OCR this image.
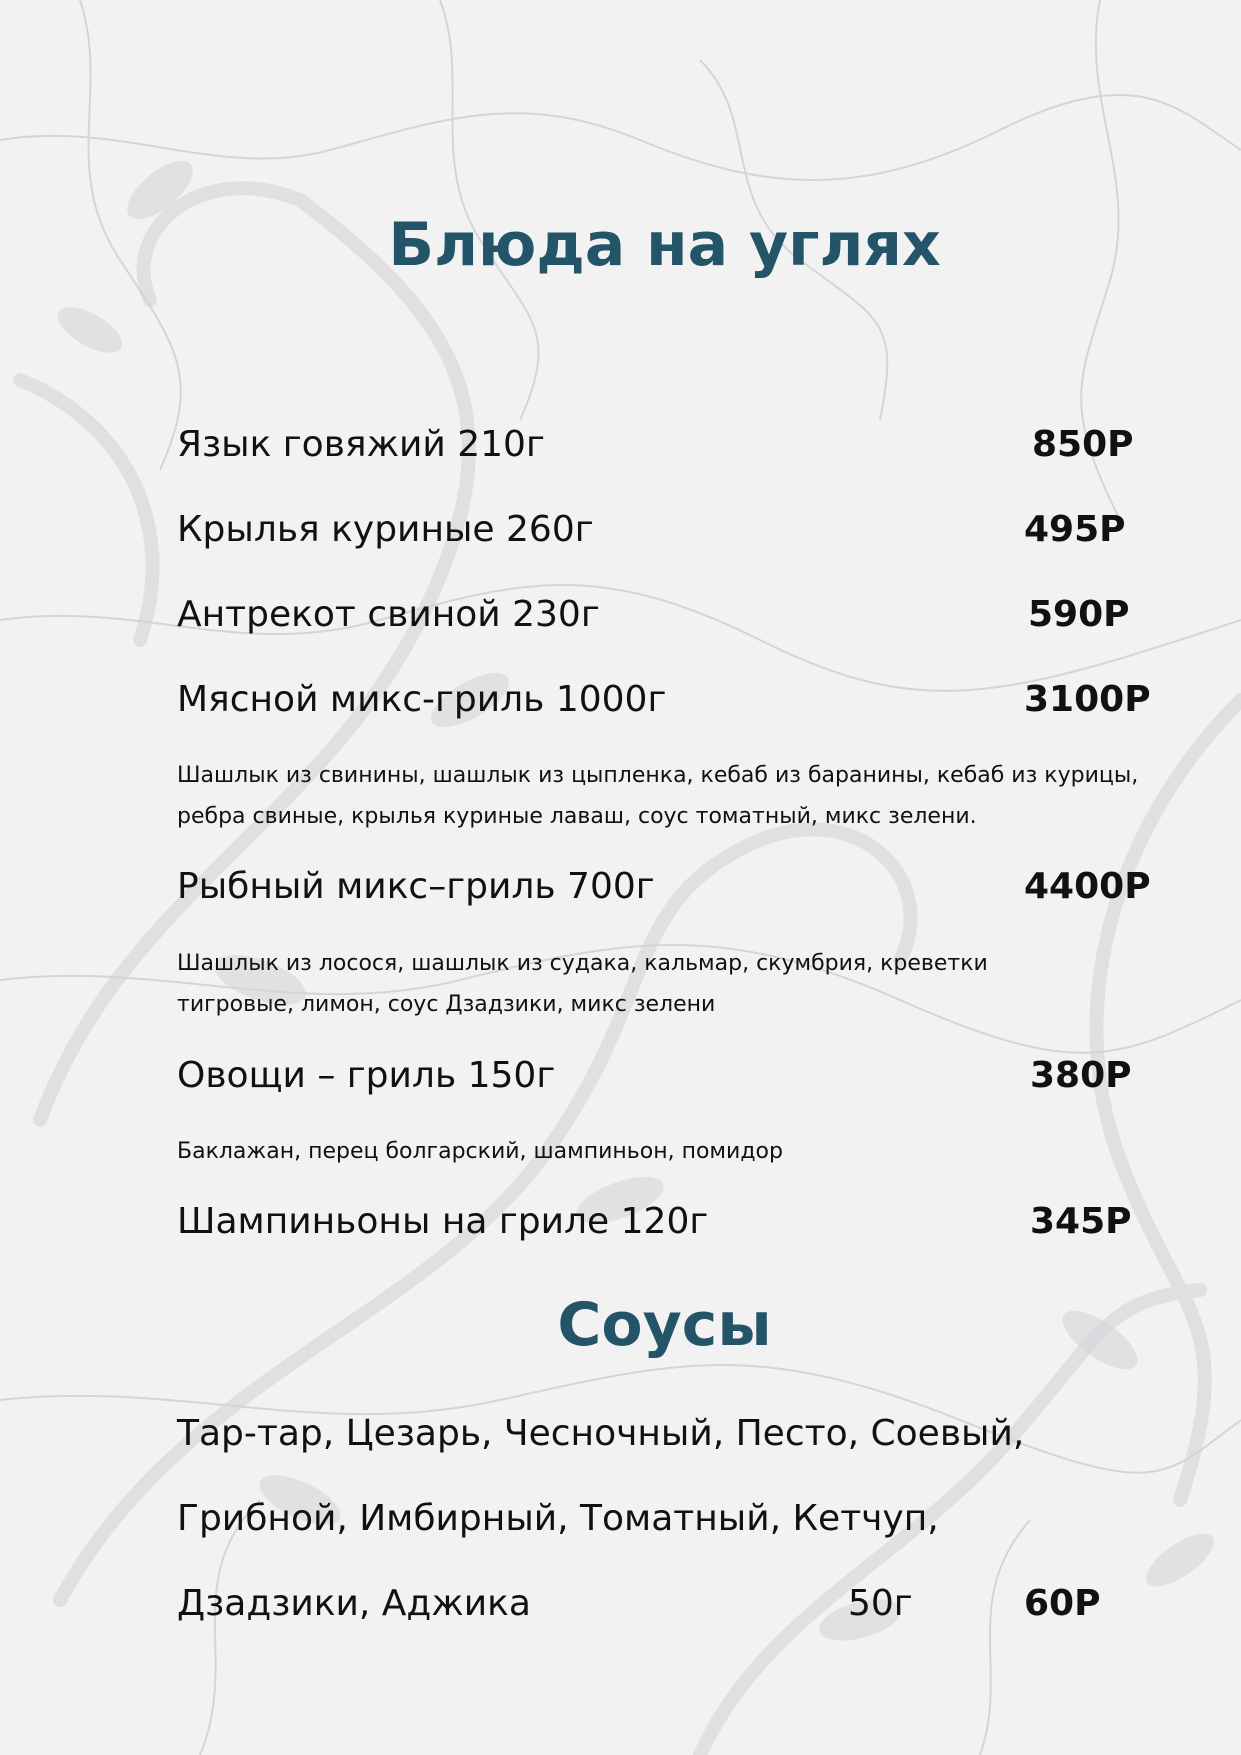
Блюда на углях
Язык говяжий 210г	850Р
Крылья куриные 260г	495Р
Антрекот свиной 230г	590Р
Мясной микс-гриль 1000г	3100Р
Шашлык из свинины, шашлык из цыпленка, кебаб из баранины, кебаб из курицы, ребра свиные, крылья куриные лаваш, соус томатный, микс зелени.
Рыбный микс–гриль 700г	4400Р
Шашлык из лосося, шашлык из судака, кальмар, скумбрия, креветки тигровые, лимон, соус Дзадзики, микс зелени
Овощи – гриль 150г	380Р
Баклажан, перец болгарский, шампиньон, помидор
Шампиньоны на гриле 120г	345Р
Соусы
Тар-тар, Цезарь, Чесночный, Песто, Соевый,
Грибной, Имбирный, Томатный, Кетчуп,
Дзадзики, Аджика	50г	60Р
